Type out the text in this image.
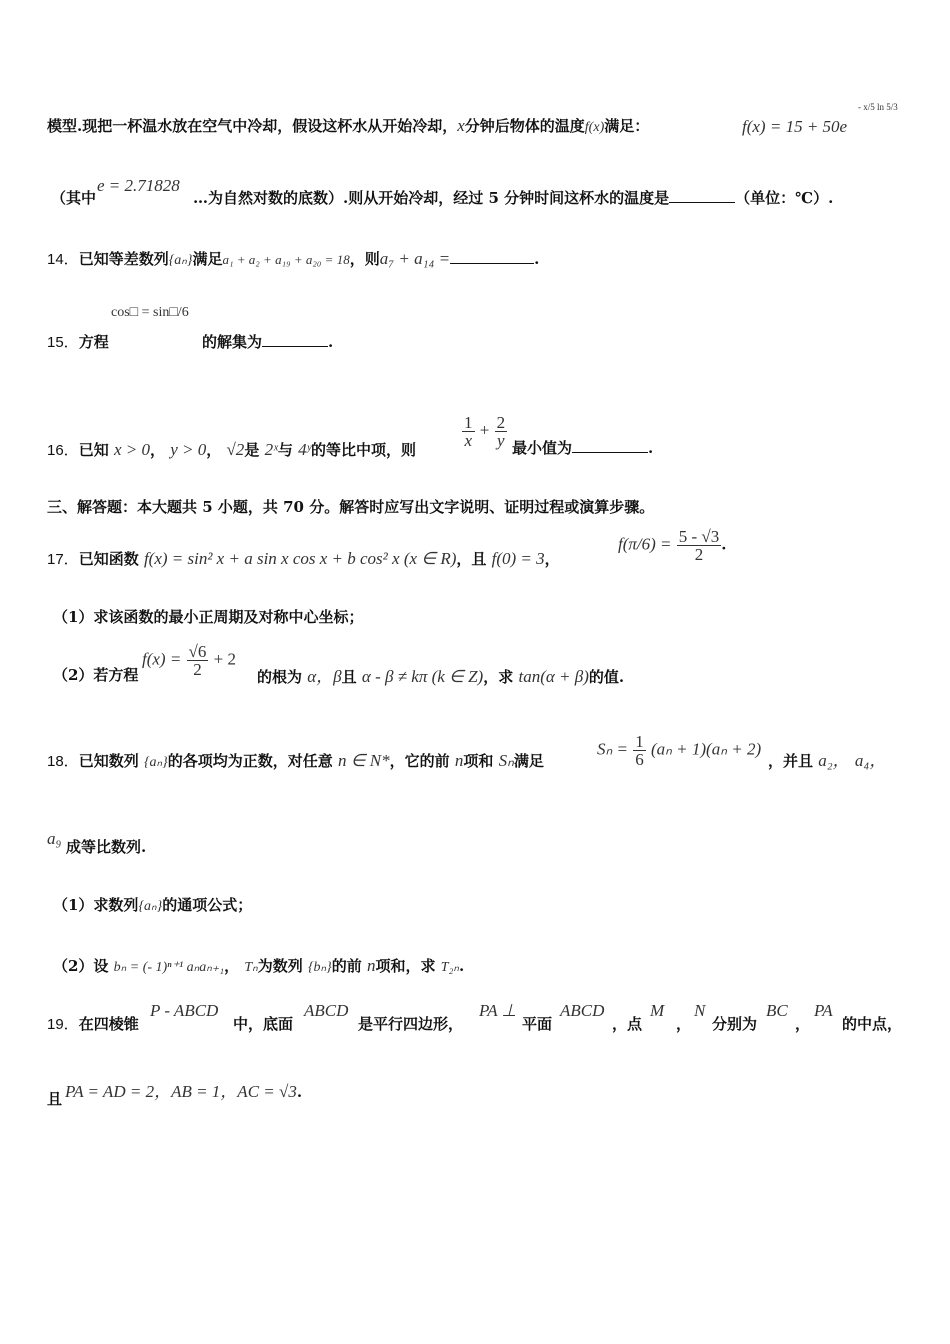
模型.现把一杯温水放在空气中冷却，假设这杯水从开始冷却，x分钟后物体的温度f(x)满足：	f(x) = 15 + 50e
- x/5 ln 5/3
（其中
e = 2.71828
…为自然对数的底数）.则从开始冷却，经过 5 分钟时间这杯水的温度是	（单位：℃）.
14．已知等差数列{aₙ}满足a₁ + a₂ + a₁₉ + a₂₀ = 18，则a₇ + a₁₄ =	.
cos□ = sin□/6
15．方程	的解集为	.
16．已知 x > 0， y > 0， √2是 2ˣ与 4ʸ的等比中项，则
$\frac{1}{x} + \frac{2}{y}$ 最小值为	.
三、解答题：本大题共 5 小题，共 70 分。解答时应写出文字说明、证明过程或演算步骤。
17．已知函数 f(x) = sin² x + a sin x cos x + b cos² x (x ∈ R)，且 f(0) = 3，
$f(\pi/6) = \frac{5 - √3}{2}$ .
（1）求该函数的最小正周期及对称中心坐标；
（2）若方程
$f(x) = \frac{√6}{2} + 2$
的根为 α，β且 α - β ≠ kπ (k ∈ Z)，求 tan(α + β)的值.
18．已知数列 {aₙ}的各项均为正数，对任意 n ∈ N*，它的前 n项和 Sₙ满足
$S_n = \frac{1}{6} (a_n + 1)(a_n + 2)$
，并且 a₂， a₄，
a₉ 成等比数列.
（1）求数列{aₙ}的通项公式；
（2）设 bₙ = (- 1)ⁿ⁺¹ aₙaₙ₊₁， Tₙ为数列 {bₙ}的前 n项和，求 T₂ₙ.
19．在四棱锥
P - ABCD
中，底面
ABCD
是平行四边形，
PA ⊥
平面
ABCD
，点
M
，
N
分别为
BC
，
PA
的中点，
且 PA = AD = 2，AB = 1，AC = √3.
